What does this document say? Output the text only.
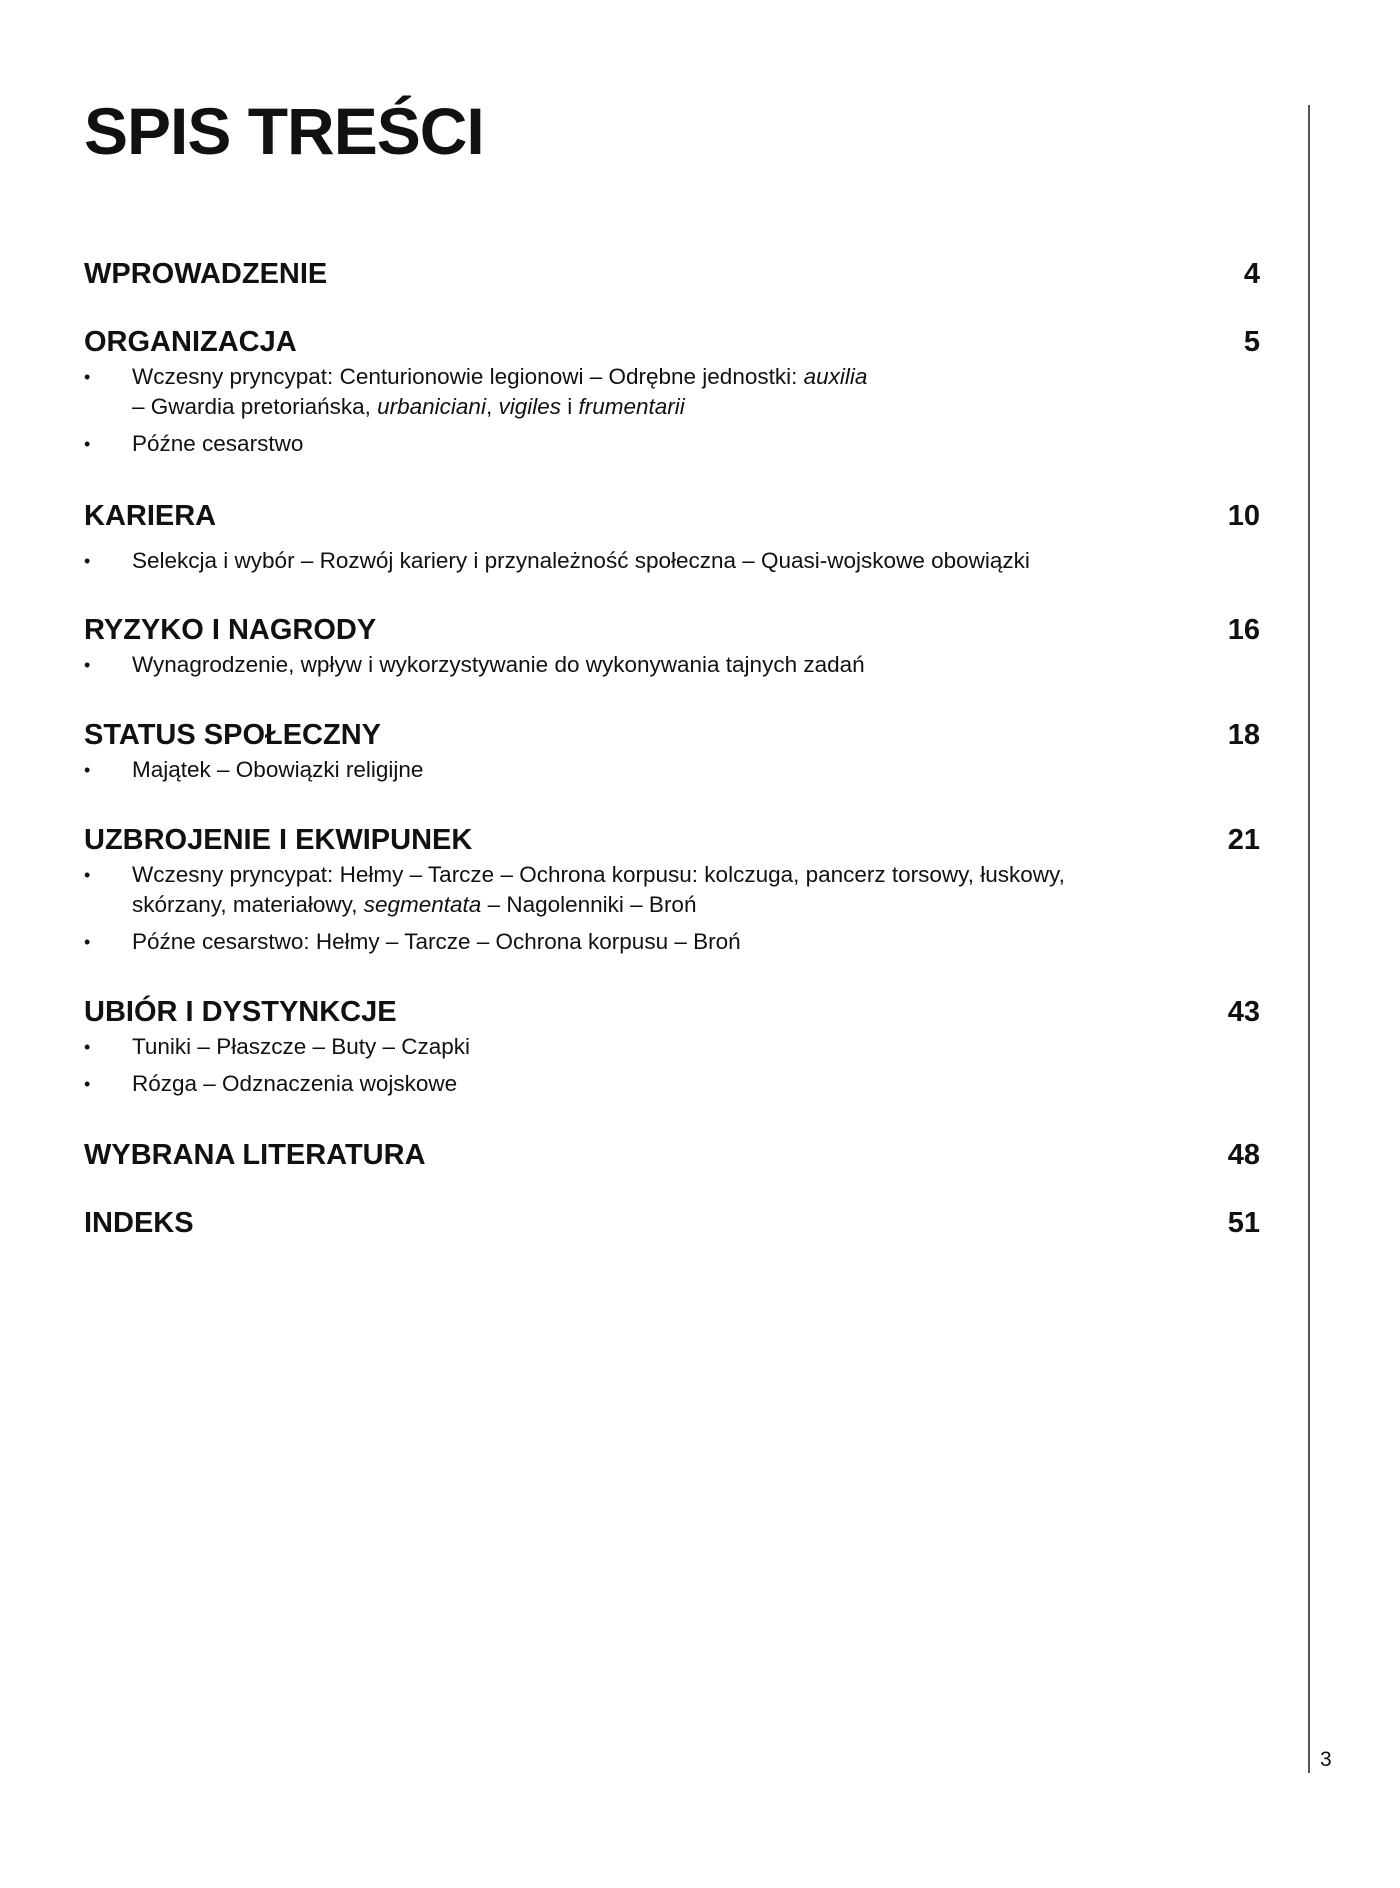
SPIS TREŚCI
WPROWADZENIE	4
ORGANIZACJA	5
• Wczesny pryncypat: Centurionowie legionowi – Odrębne jednostki: auxilia
– Gwardia pretoriańska, urbaniciani, vigiles i frumentarii
• Późne cesarstwo
KARIERA	10
• Selekcja i wybór – Rozwój kariery i przynależność społeczna – Quasi-wojskowe obowiązki
RYZYKO I NAGRODY	16
• Wynagrodzenie, wpływ i wykorzystywanie do wykonywania tajnych zadań
STATUS SPOŁECZNY	18
• Majątek – Obowiązki religijne
UZBROJENIE I EKWIPUNEK	21
• Wczesny pryncypat: Hełmy – Tarcze – Ochrona korpusu: kolczuga, pancerz torsowy, łuskowy,
skórzany, materiałowy, segmentata – Nagolenniki – Broń
• Późne cesarstwo: Hełmy – Tarcze – Ochrona korpusu – Broń
UBIÓR I DYSTYNKCJE	43
• Tuniki – Płaszcze – Buty – Czapki
• Rózga – Odznaczenia wojskowe
WYBRANA LITERATURA	48
INDEKS	51
3
